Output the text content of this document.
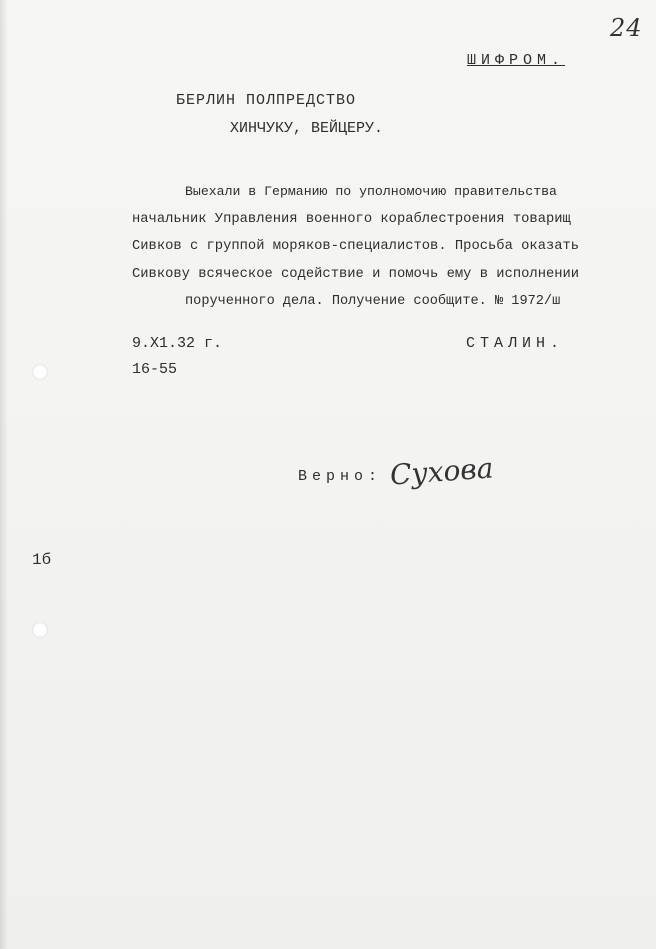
24
ШИФРОМ.
БЕРЛИН ПОЛПРЕДСТВО
ХИНЧУКУ, ВЕЙЦЕРУ.
Выехали в Германию по уполномочию правительства
начальник Управления военного кораблестроения товарищ
Сивков с группой моряков-специалистов. Просьба оказать
Сивкову всяческое содействие и помочь ему в исполнении
порученного дела. Получение сообщите. № 1972/ш
9.Х1.32 г.
16-55
СТАЛИН.
Верно: Сухова
1б
